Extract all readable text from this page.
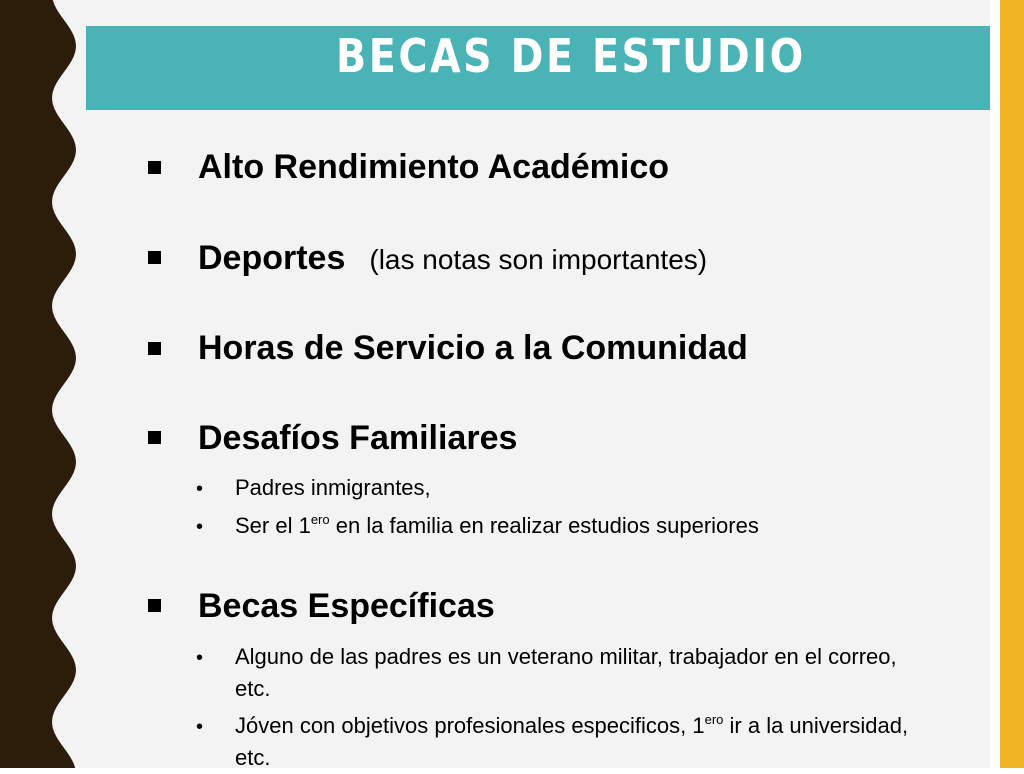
BECAS DE ESTUDIO
Alto Rendimiento Académico
Deportes (las notas son importantes)
Horas de Servicio a la Comunidad
Desafíos Familiares
• Padres inmigrantes,
• Ser el $1^{ero}$ en la familia en realizar estudios superiores
Becas Específicas
• Alguno de las padres es un veterano militar, trabajador en el correo, etc.
• Jóven con objetivos profesionales especificos, $1^{ero}$ ir a la universidad, etc.
